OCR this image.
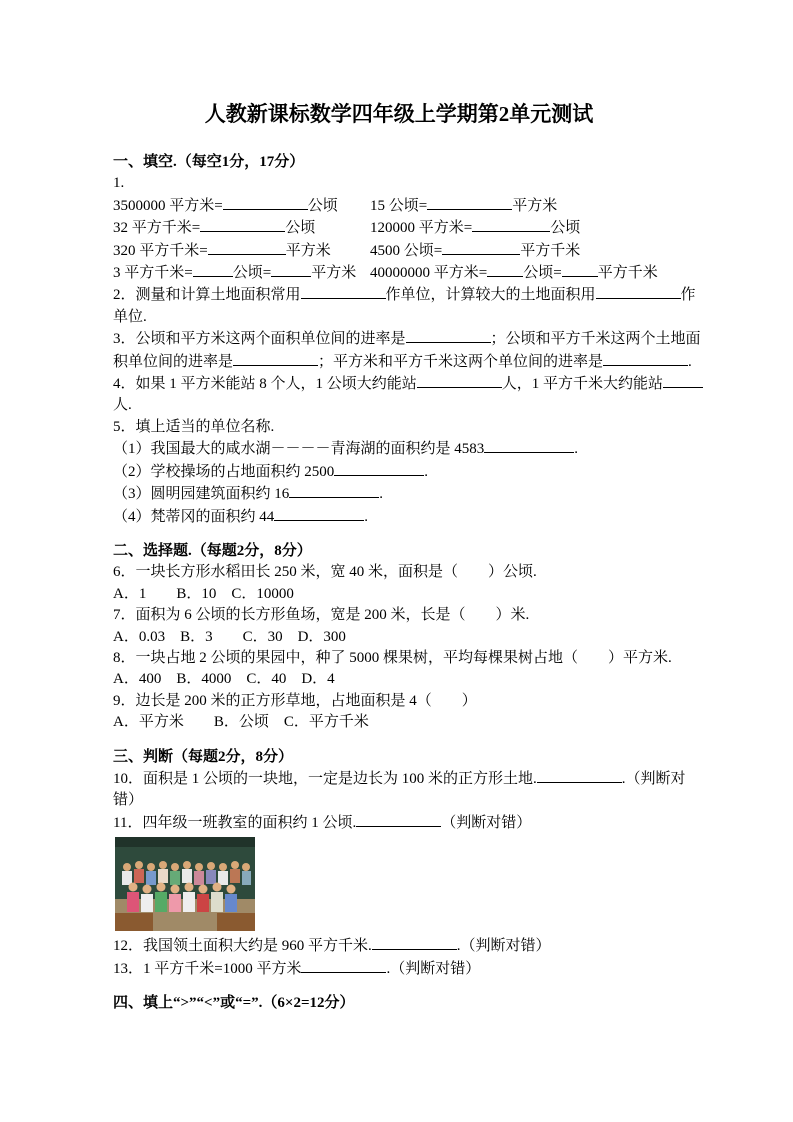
人教新课标数学四年级上学期第2单元测试
一、填空.（每空1分，17分）
1.
3500000 平方米=	公顷 15 公顷=	平方米
32 平方千米=	公顷	120000 平方米=	公顷
320 平方千米=	平方米	4500 公顷=	平方千米
3 平方千米=	公顷=	平方米 40000000 平方米= 公顷= 平方千米
2．测量和计算土地面积常用	作单位，计算较大的土地面积用	作
单位.
3．公顷和平方米这两个面积单位间的进率是	；公顷和平方千米这两个土地面
积单位间的进率是	；平方米和平方千米这两个单位间的进率是	.
4．如果 1 平方米能站 8 个人，1 公顷大约能站	人，1 平方千米大约能站
人.
5．填上适当的单位名称.
（1）我国最大的咸水湖－－－－青海湖的面积约是 4583	.
（2）学校操场的占地面积约 2500	.
（3）圆明园建筑面积约 16	.
（4）梵蒂冈的面积约 44	.
二、选择题.（每题2分，8分）
6．一块长方形水稻田长 250 米，宽 40 米，面积是（　　）公顷.
A．1　　B．10　C．10000
7．面积为 6 公顷的长方形鱼场，宽是 200 米，长是（　　）米.
A．0.03　B．3　　C．30　D．300
8．一块占地 2 公顷的果园中，种了 5000 棵果树，平均每棵果树占地（　　）平方米.
A．400　B．4000　C．40　D．4
9．边长是 200 米的正方形草地，占地面积是 4（　　）
A．平方米　　B．公顷　C．平方千米
三、判断（每题2分，8分）
10．面积是 1 公顷的一块地，一定是边长为 100 米的正方形土地.	.（判断对
错）
11．四年级一班教室的面积约 1 公顷.	（判断对错）
12．我国领土面积大约是 960 平方千米.	.（判断对错）
13．1 平方千米=1000 平方米	.（判断对错）
四、填上“>”“<”或“=”.（6×2=12分）
